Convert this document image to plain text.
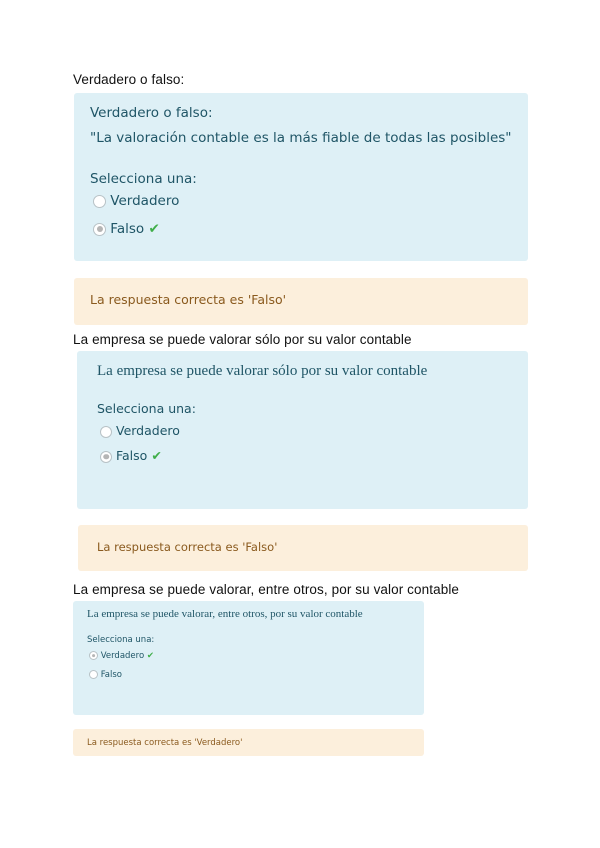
Verdadero o falso:
Verdadero o falso:
"La valoración contable es la más fiable de todas las posibles"
Selecciona una:
Verdadero
Falso ✔
La respuesta correcta es 'Falso'
La empresa se puede valorar sólo por su valor contable
La empresa se puede valorar sólo por su valor contable
Selecciona una:
Verdadero
Falso ✔
La respuesta correcta es 'Falso'
La empresa se puede valorar, entre otros, por su valor contable
La empresa se puede valorar, entre otros, por su valor contable
Selecciona una:
Verdadero ✔
Falso
La respuesta correcta es 'Verdadero'
